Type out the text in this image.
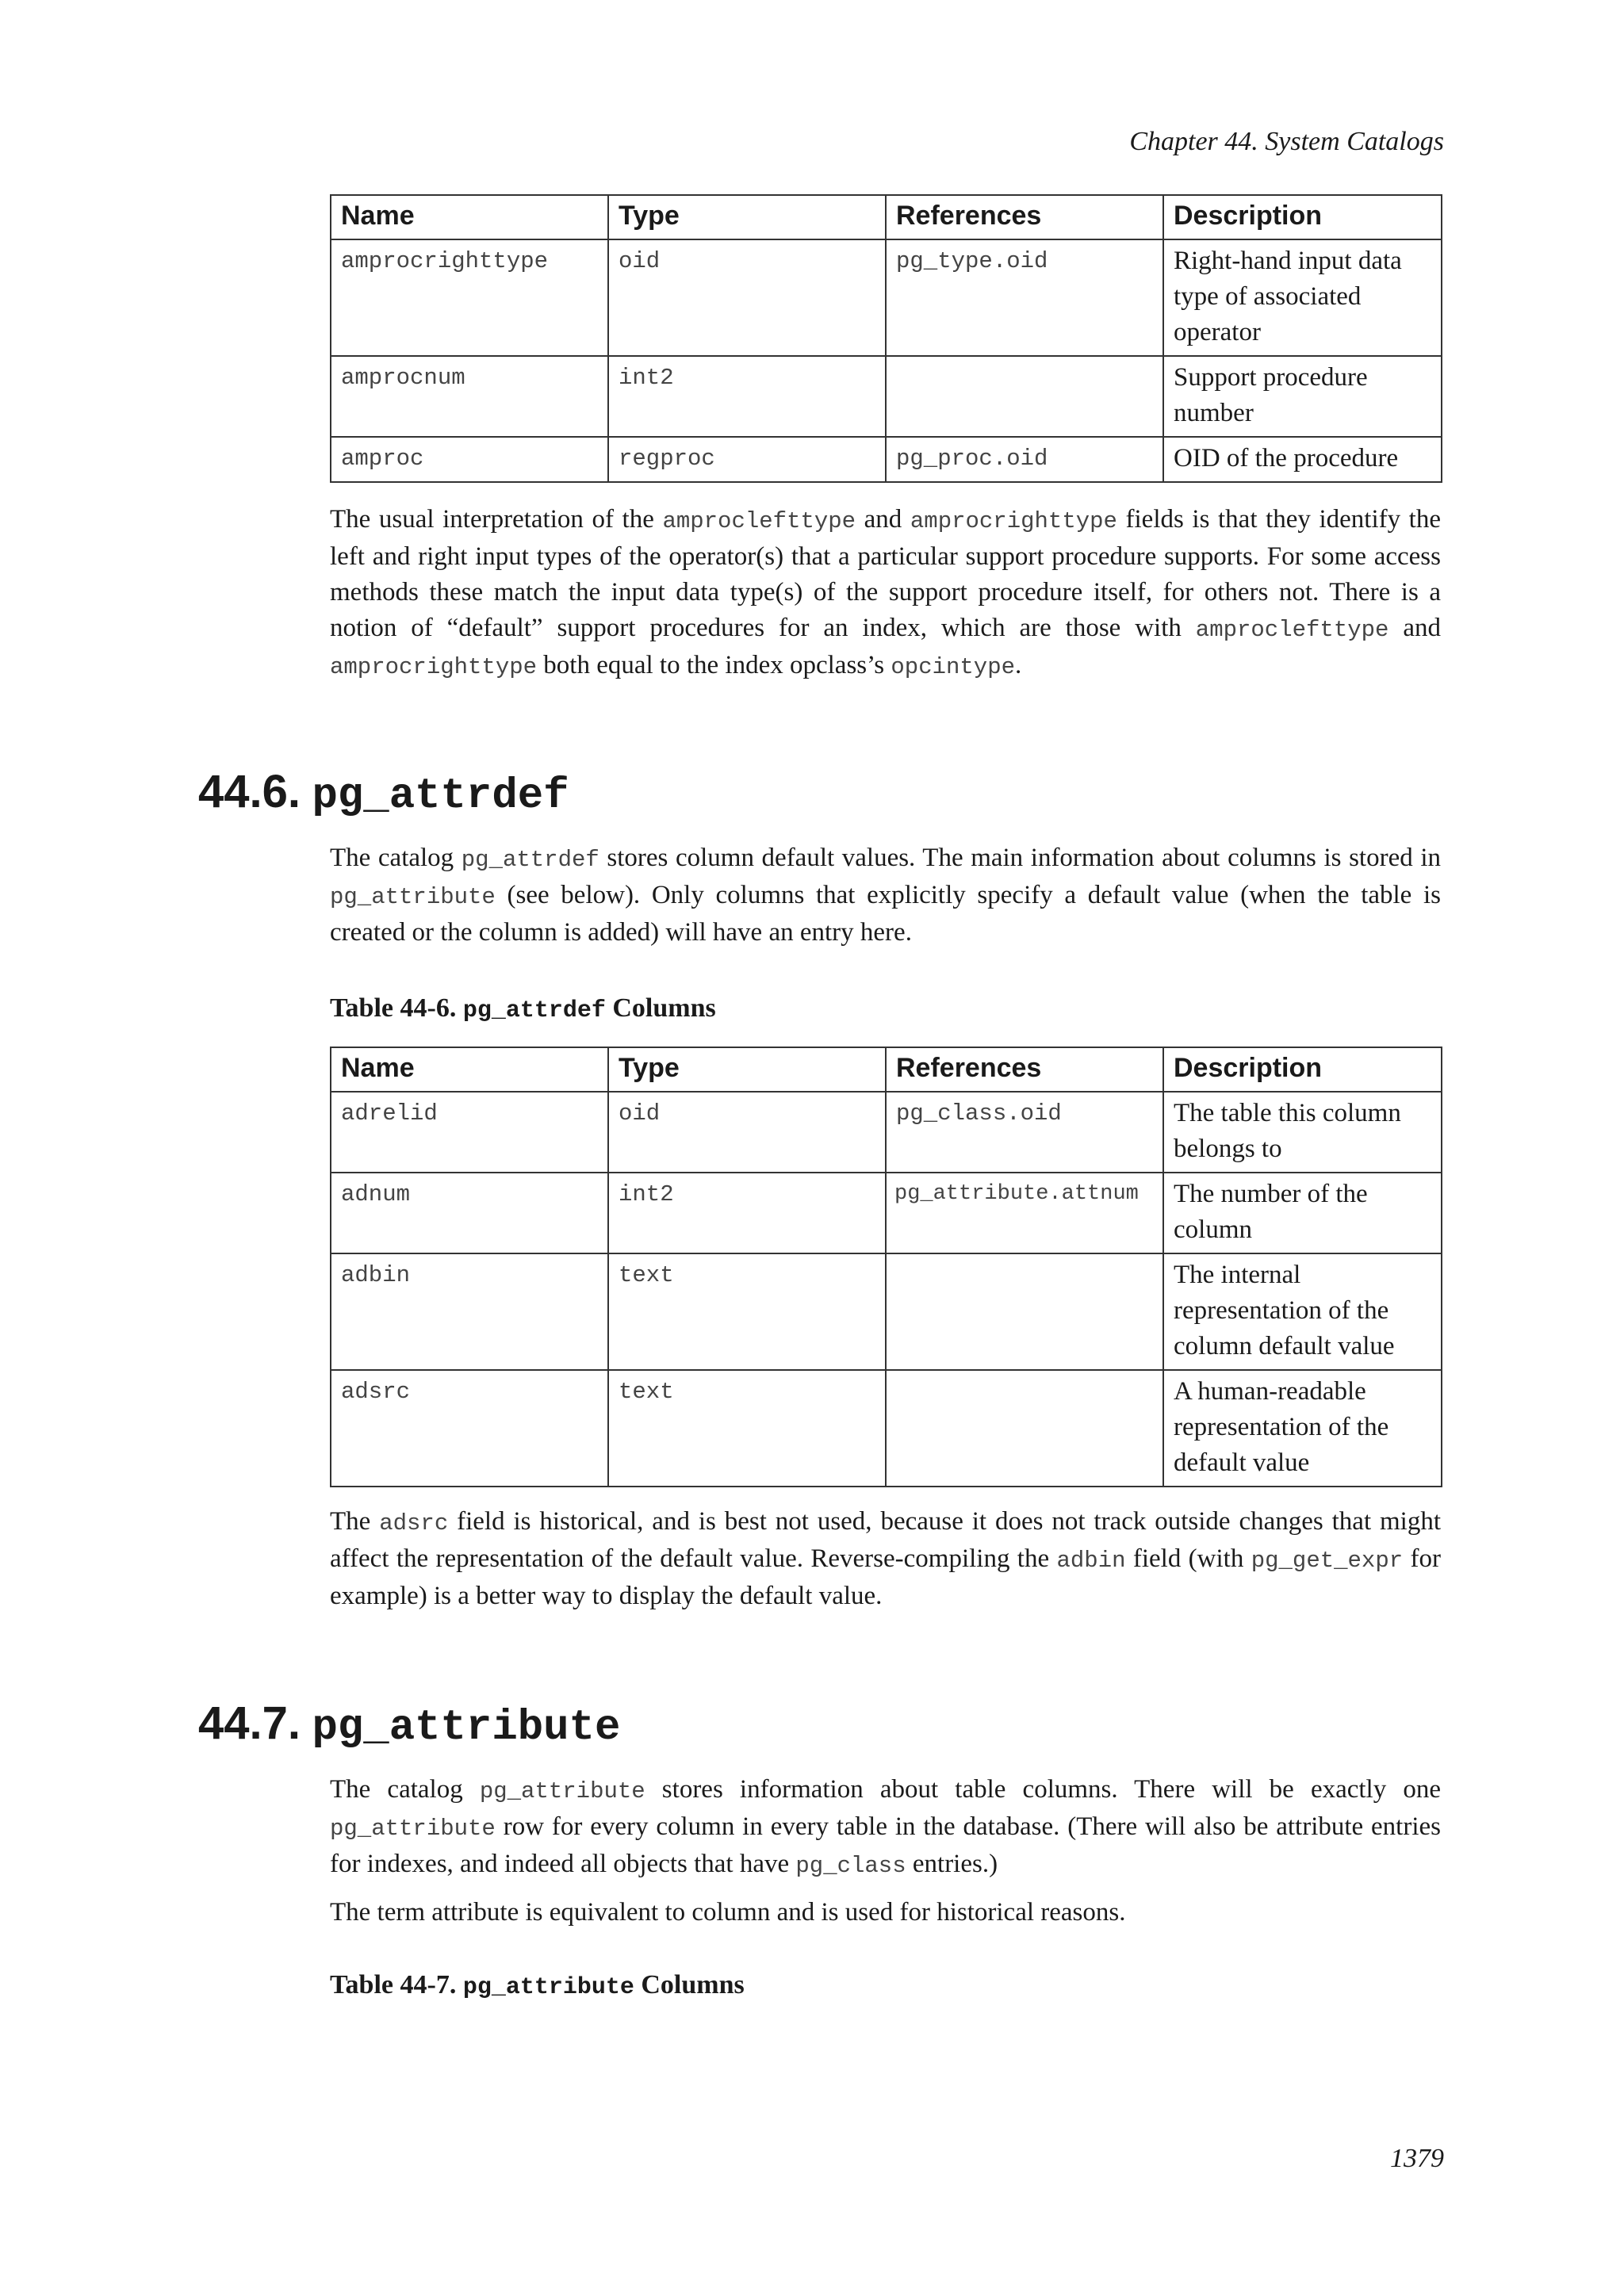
Chapter 44. System Catalogs
Name	Type	References	Description
amprocrighttype	oid	pg_type.oid	Right-hand input data type of associated operator
amprocnum	int2		Support procedure number
amproc	regproc	pg_proc.oid	OID of the procedure

The usual interpretation of the amproclefttype and amprocrighttype fields is that they identify the left and right input types of the operator(s) that a particular support procedure supports. For some access methods these match the input data type(s) of the support procedure itself, for others not. There is a notion of “default” support procedures for an index, which are those with amproclefttype and amprocrighttype both equal to the index opclass’s opcintype.

44.6. pg_attrdef

The catalog pg_attrdef stores column default values. The main information about columns is stored in pg_attribute (see below). Only columns that explicitly specify a default value (when the table is created or the column is added) will have an entry here.

Table 44-6. pg_attrdef Columns

Name	Type	References	Description
adrelid	oid	pg_class.oid	The table this column belongs to
adnum	int2	pg_attribute.attnum	The number of the column
adbin	text		The internal representation of the column default value
adsrc	text		A human-readable representation of the default value

The adsrc field is historical, and is best not used, because it does not track outside changes that might affect the representation of the default value. Reverse-compiling the adbin field (with pg_get_expr for example) is a better way to display the default value.

44.7. pg_attribute

The catalog pg_attribute stores information about table columns. There will be exactly one pg_attribute row for every column in every table in the database. (There will also be attribute entries for indexes, and indeed all objects that have pg_class entries.)

The term attribute is equivalent to column and is used for historical reasons.

Table 44-7. pg_attribute Columns

1379
